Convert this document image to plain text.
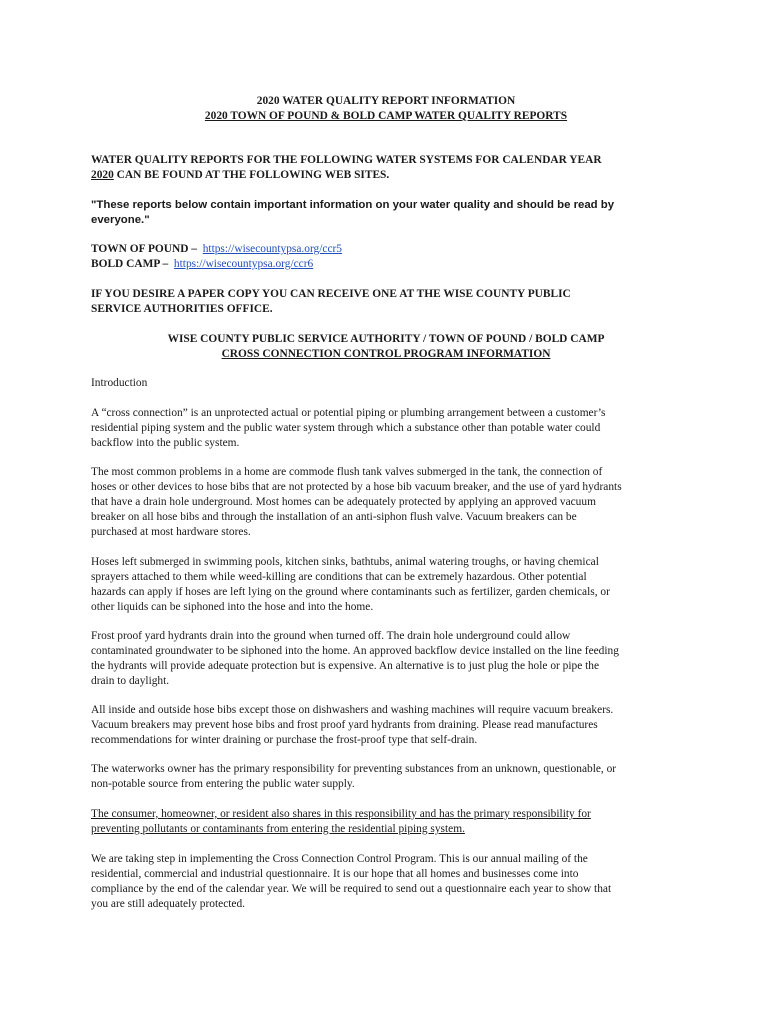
2020 WATER QUALITY REPORT INFORMATION
2020 TOWN OF POUND & BOLD CAMP WATER QUALITY REPORTS
WATER QUALITY REPORTS FOR THE FOLLOWING WATER SYSTEMS FOR CALENDAR YEAR
2020 CAN BE FOUND AT THE FOLLOWING WEB SITES.
"These reports below contain important information on your water quality and should be read by
everyone."
TOWN OF POUND – https://wisecountypsa.org/ccr5
BOLD CAMP – https://wisecountypsa.org/ccr6
IF YOU DESIRE A PAPER COPY YOU CAN RECEIVE ONE AT THE WISE COUNTY PUBLIC
SERVICE AUTHORITIES OFFICE.
WISE COUNTY PUBLIC SERVICE AUTHORITY / TOWN OF POUND / BOLD CAMP
CROSS CONNECTION CONTROL PROGRAM INFORMATION
Introduction
A “cross connection” is an unprotected actual or potential piping or plumbing arrangement between a customer’s
residential piping system and the public water system through which a substance other than potable water could
backflow into the public system.
The most common problems in a home are commode flush tank valves submerged in the tank, the connection of
hoses or other devices to hose bibs that are not protected by a hose bib vacuum breaker, and the use of yard hydrants
that have a drain hole underground. Most homes can be adequately protected by applying an approved vacuum
breaker on all hose bibs and through the installation of an anti-siphon flush valve. Vacuum breakers can be
purchased at most hardware stores.
Hoses left submerged in swimming pools, kitchen sinks, bathtubs, animal watering troughs, or having chemical
sprayers attached to them while weed-killing are conditions that can be extremely hazardous. Other potential
hazards can apply if hoses are left lying on the ground where contaminants such as fertilizer, garden chemicals, or
other liquids can be siphoned into the hose and into the home.
Frost proof yard hydrants drain into the ground when turned off. The drain hole underground could allow
contaminated groundwater to be siphoned into the home. An approved backflow device installed on the line feeding
the hydrants will provide adequate protection but is expensive. An alternative is to just plug the hole or pipe the
drain to daylight.
All inside and outside hose bibs except those on dishwashers and washing machines will require vacuum breakers.
Vacuum breakers may prevent hose bibs and frost proof yard hydrants from draining. Please read manufactures
recommendations for winter draining or purchase the frost-proof type that self-drain.
The waterworks owner has the primary responsibility for preventing substances from an unknown, questionable, or
non-potable source from entering the public water supply.
The consumer, homeowner, or resident also shares in this responsibility and has the primary responsibility for
preventing pollutants or contaminants from entering the residential piping system.
We are taking step in implementing the Cross Connection Control Program. This is our annual mailing of the
residential, commercial and industrial questionnaire. It is our hope that all homes and businesses come into
compliance by the end of the calendar year. We will be required to send out a questionnaire each year to show that
you are still adequately protected.
